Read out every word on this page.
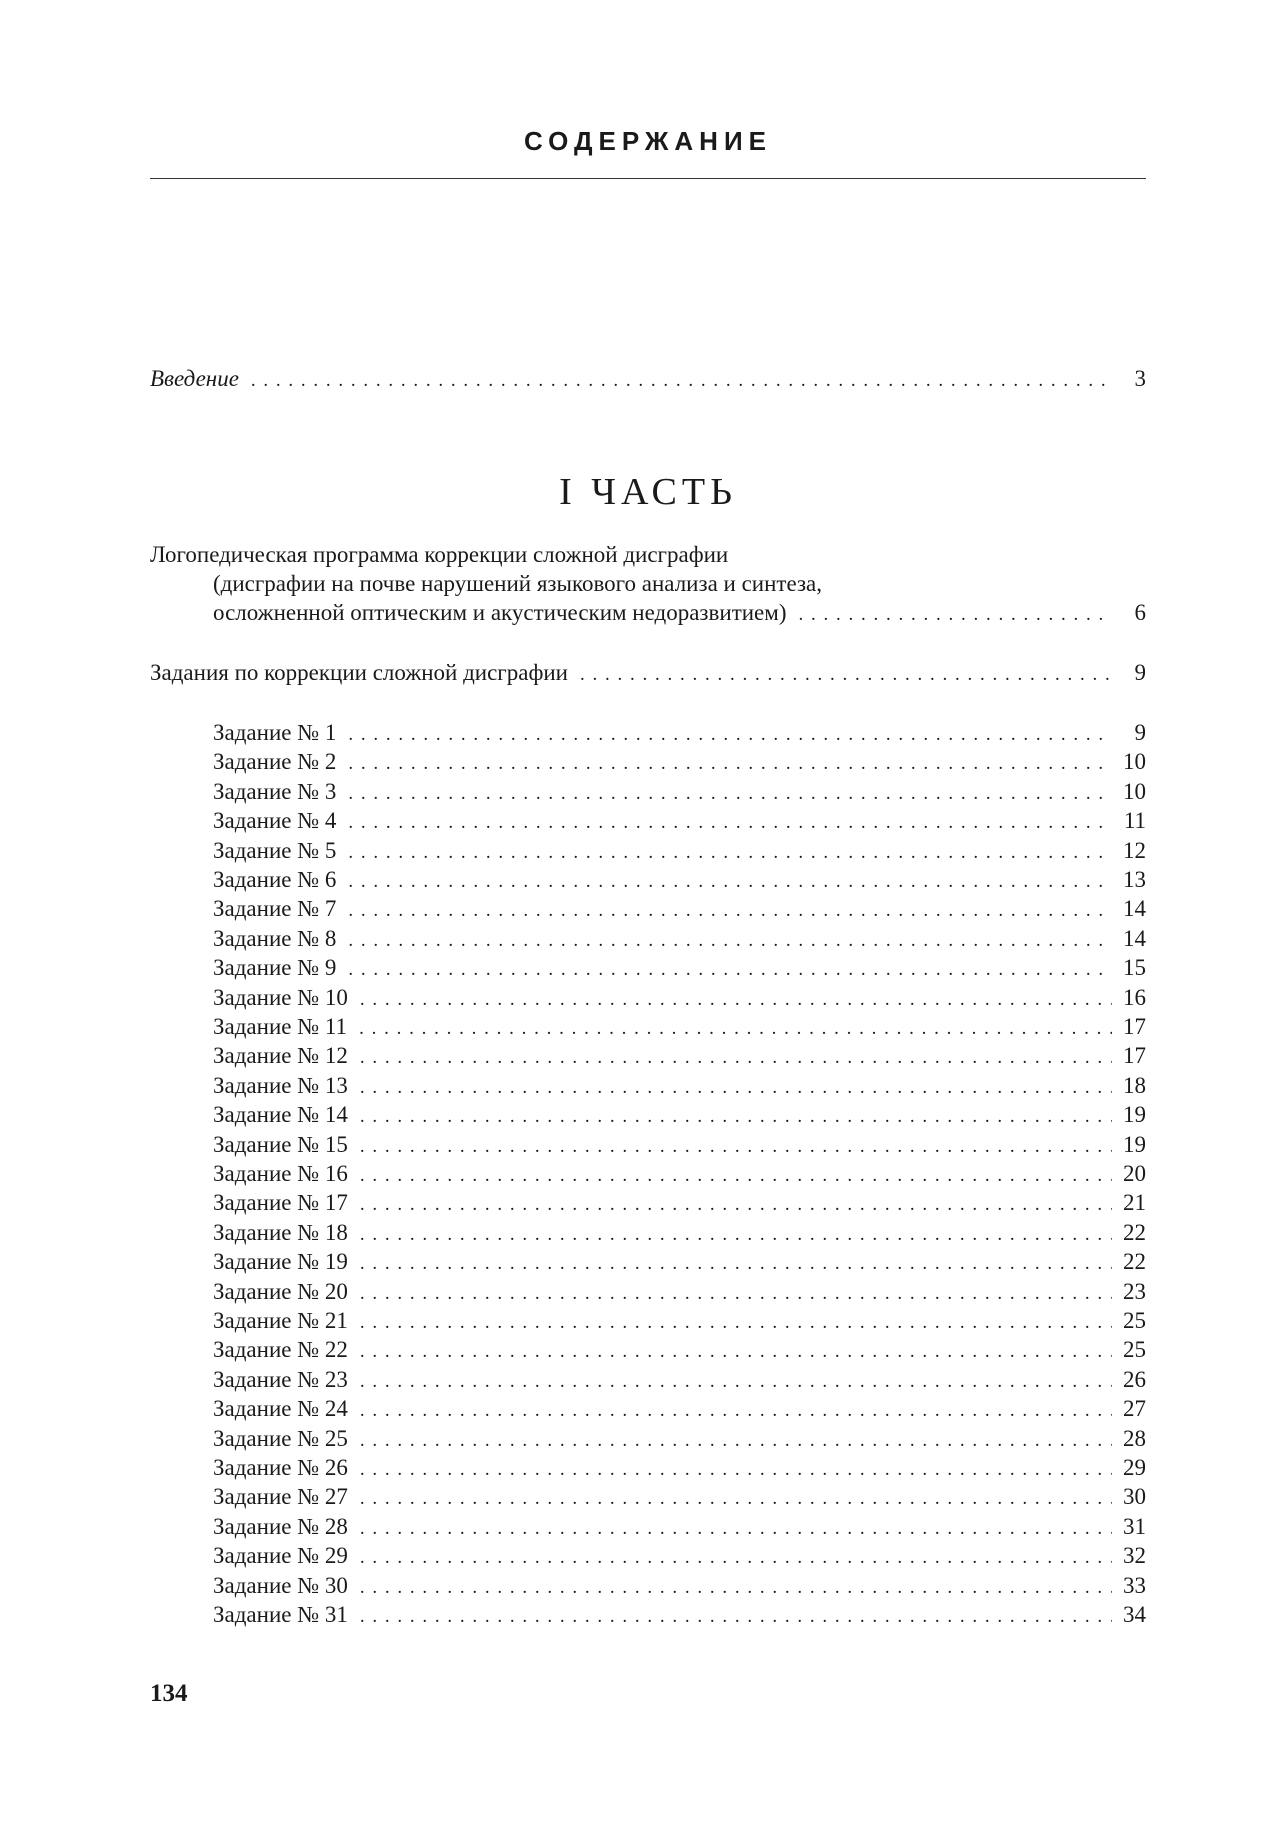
СОДЕРЖАНИЕ
Введение . . .	3
I ЧАСТЬ
Логопедическая программа коррекции сложной дисграфии
(дисграфии на почве нарушений языкового анализа и синтеза,
осложненной оптическим и акустическим недоразвитием) . . .	6
Задания по коррекции сложной дисграфии . . .	9
Задание № 1 . . .	9
Задание № 2 . . .	10
Задание № 3 . . .	10
Задание № 4 . . .	11
Задание № 5 . . .	12
Задание № 6 . . .	13
Задание № 7 . . .	14
Задание № 8 . . .	14
Задание № 9 . . .	15
Задание № 10 . . .	16
Задание № 11 . . .	17
Задание № 12 . . .	17
Задание № 13 . . .	18
Задание № 14 . . .	19
Задание № 15 . . .	19
Задание № 16 . . .	20
Задание № 17 . . .	21
Задание № 18 . . .	22
Задание № 19 . . .	22
Задание № 20 . . .	23
Задание № 21 . . .	25
Задание № 22 . . .	25
Задание № 23 . . .	26
Задание № 24 . . .	27
Задание № 25 . . .	28
Задание № 26 . . .	29
Задание № 27 . . .	30
Задание № 28 . . .	31
Задание № 29 . . .	32
Задание № 30 . . .	33
Задание № 31 . . .	34
134
